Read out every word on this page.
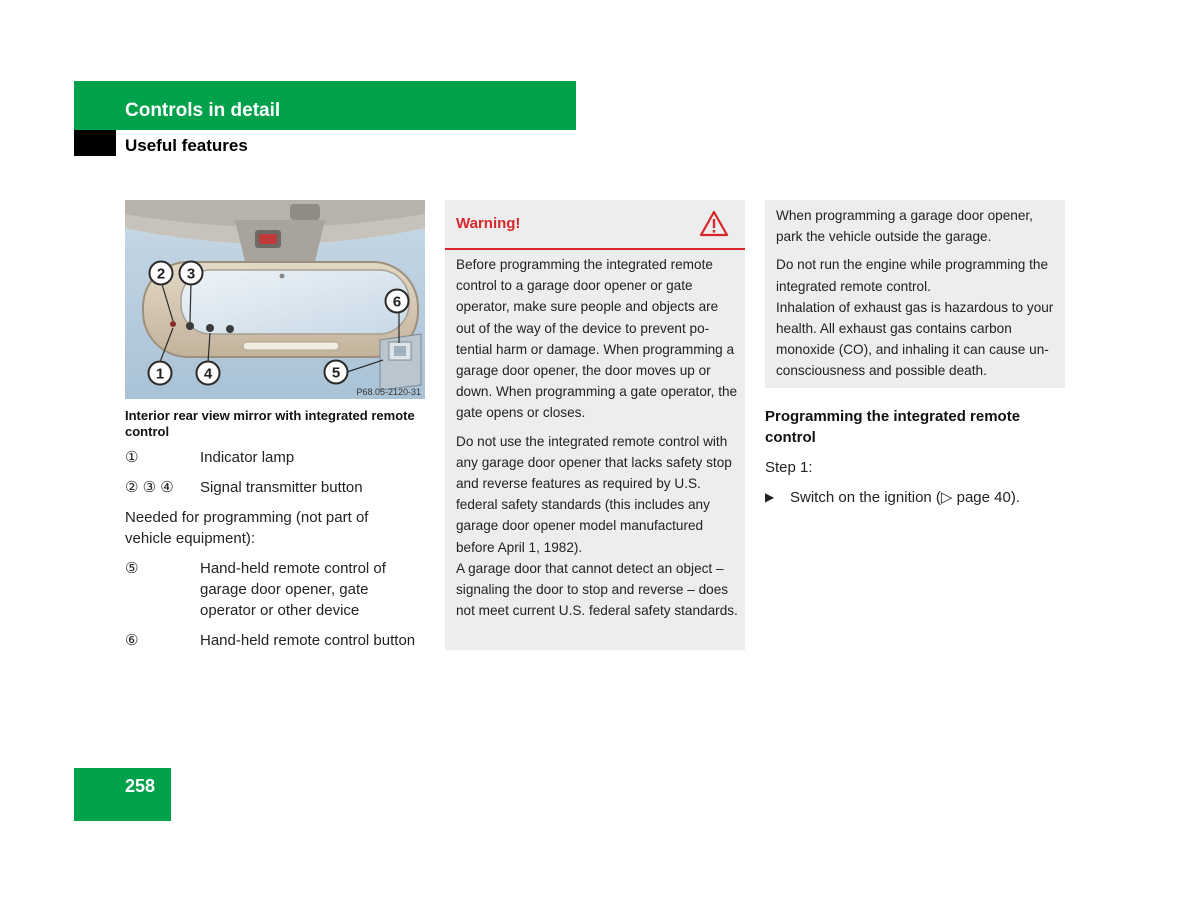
Controls in detail
Useful features
2 3
1	4	5
6
P68.05-2120-31
Interior rear view mirror with integrated remote control
①	Indicator lamp
② ③ ④ Signal transmitter button
Needed for programming (not part of vehicle equipment):
⑤	Hand-held remote control of garage door opener, gate operator or other device
⑥	Hand-held remote control button
Warning!

Before programming the integrated remote control to a garage door opener or gate operator, make sure people and objects are out of the way of the device to prevent po-tential harm or damage. When programming a garage door opener, the door moves up or down. When programming a gate operator, the gate opens or closes.

Do not use the integrated remote control with any garage door opener that lacks safety stop and reverse features as required by U.S. federal safety standards (this includes any garage door opener model manufactured before April 1, 1982).

A garage door that cannot detect an object – signaling the door to stop and reverse – does not meet current U.S. federal safety standards.

When programming a garage door opener, park the vehicle outside the garage.

Do not run the engine while programming the integrated remote control.

Inhalation of exhaust gas is hazardous to your health. All exhaust gas contains carbon monoxide (CO), and inhaling it can cause un-consciousness and possible death.

Programming the integrated remote control
Step 1:
▶ Switch on the ignition (▷ page 40).
258
